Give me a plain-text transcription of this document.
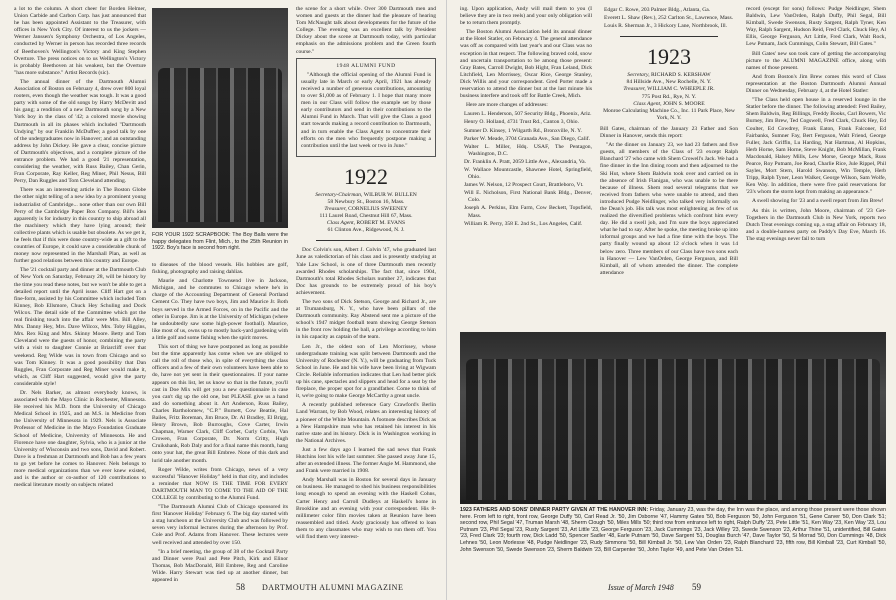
a lot to the column. A short cheer for Borden Helmer, Union Carbide and Carbon Corp. has just announced that he has been appointed Assistant to the Treasurer, with offices in New York City. Of interest to us the jockers — Werner Janssen's Symphony Orchestra, of Los Angeles, conducted by Werner in person has recorded three records of Beethoven's Wellington's Victory and King Stephen Overture. The press notices on to us Wellington's Victory is probably Beethoven at his weakest, but the Overture "has more substance." Artist Records (sic).

The annual dinner of the Dartmouth Alumni Association of Boston on February 4, drew over 800 loyal rooters, even though the weather was tough. It was a good party with some of the old songs by Harry McDevitt and his gang; a rendition of a new Dartmouth song by a New York boy in the class of '42; a colored movie showing Dartmouth in all its phases which included "Dartmouth Undying" by our Franklin McDuffee; a good talk by one of the undergraduates now in Hanover; and an outstanding address by John Dickey. He gave a clear, concise picture of Dartmouth's objectives, and a complete picture of the entrance problem. We had a good '21 representation, considering the weather, with Russ Bailey, Chan Gerin, Fran Corporate, Ray Keller, Reg Miner, Phil Nesus, Bill Perry, Dan Ruggles and Tom Cleveland attending.

There was an interesting article in The Boston Globe the other night telling of a new idea by a prominent young industrialist of Cambridge... none other than our own Bill Perry of the Cambridge Paper Box Company. Bill's idea apparently is for industry in this country to ship abroad all the machinery which they have lying around; their collective plants which is usable but obsolete. As we get it, he feels that if this were done country-wide as a gift to the countries of Europe, it could save a considerable chunk of money now represented in the Marshall Plan, as well as further good relations between this country and Europe.

The '21 cocktail party and dinner at the Dartmouth Club of New York on Saturday, February 28, will be history by the time you read these notes, but we won't be able to get a detailed report until the April issue. Cliff Hart got on a fine-form, assisted by his Committee which included Tom Kinney, Bob Ellsmore, Chuck Hey Schuling and Dock Wilcox. The detail side of the Committee which got the real finishing touch into the affair were Mrs. Bill Alley, Mrs. Danny Hey, Mrs. Dave Wilcox, Mrs. Toby Higgins, Mrs. Rex King and Mrs. Skinny Moore. Betty and Tom Cleveland were the guests of honor, combining the party with a visit to daughter Connie at Briarcliff over that weekend. Reg Wilde was in town from Chicago and so was Tom Kinney. It was a good possibility that Dan Ruggles, Fran Corporate and Reg Miner would make it, which, as Cliff Hart suggested, would give the party considerable style!

Dr. Nels Barker, as almost everybody knows, is associated with the Mayo Clinic in Rochester, Minnesota. He received his M.D. from the University of Chicago Medical School in 1925, and an M.S. in Medicine from the University of Minnesota in 1929. Nels is Associate Professor of Medicine in the Mayo Foundation Graduate School of Medicine, University of Minnesota. He and Florence have one daughter, Sylvia, who is a junior at the University of Wisconsin and two sons, David and Robert. Dave is a freshman at Dartmouth and Bob has a few years to go yet before he comes to Hanover. Nels belongs to more medical organizations than we ever knew existed, and is the author or co-author of 120 contributions to medical literature mostly on subjects related

FOR YOUR 1922 SCRAPBOOK: The Boy Balls were the happy delegates from Flint, Mich., to the 25th Reunion in 1922. Boy's face is second from right.

to diseases of the blood vessels. His hobbies are golf, fishing, photography and raising dahlias.

Maurie and Charlotte Townsend live in Jackson, Michigan, and he commutes to Chicago where he's in charge of the Accounting Department of General Portland Cement Co. They have two boys, Jim and Maurice Jr. Both boys served in the Armed Forces, on in the Pacific and the other in Europe. Jim is at the University of Michigan (where he undoubtedly saw some high-power football). Maurice, like most of us, owns up to mostly back-yard gardening with a little golf and some fishing when the spirit moves.

This sort of thing we have postponed as long as possible but the time apparently has come when we are obliged to call the roll of those who, in spite of everything the class officers and a few of their own volunteers have been able to do, have not yet sent in their questionnaires. If your name appears on this list, let us know so that in the future, you'll cast in Doe Mix will get you a new questionnaire in case you can't dig up the old one, but PLEASE give us a hand and do something about it. Art Anderson, Russ Bailey, Charles Bartholomew, "C.P." Burnett, Cow Beattie, Hal Bailes, Fritz Boreman, Jim Bruce, Dr. Al Bradley, El Brigg, Henry Brown, Bob Burroughs, Cove Carter, Irwin Chapman, Warner Clark, Cliff Corbet, Curly Corbin, Van Crowen, Fran Corporate, Dr. Norm Critty, Hugh Cruikshank, Rob Daly and for a final name this month, hang onto your hat, the great Bill Embree. None of this dark and lurid tale another month.

Roger Wilde, writes from Chicago, news of a very successful "Hanover Holiday" held in that city, and includes a reminder that NOW IS THE TIME FOR EVERY DARTMOUTH MAN TO COME TO THE AID OF THE COLLEGE by contributing to the Alumni Fund.

"The Dartmouth Alumni Club of Chicago sponsored its first 'Hanover Holiday' February 6. The big day started with a stag luncheon at the University Club and was followed by seven very informal lectures during the afternoon by Prof. Cole and Prof. Adams from Hanover. These lectures were well received and attended by over 150.

"In a brief meeting, the group of 38 of the Cocktail Party and Dinner were Paul and Pete Pitch, Kirk and Elinor Thomas, Bob MacDonald, Bill Embree, Reg and Caroline Wilde. Harry Stewart was tied up at another dinner, but appeared in

the scene for a short while. Over 300 Dartmouth men and women and guests at the dinner had the pleasure of hearing Tom McNaught talk about developments for the future of the College. The evening was an excellent talk by President Dickey about the scene at Dartmouth today, with particular emphasis on the admissions problem and the Green fourth course."

1948 ALUMNI FUND

"Although the official opening of the Alumni Fund is usually late in March or early April, 1921 has already received a number of generous contributions, amounting to over $1,000 as of February 1. I hope that many more men in our Class will follow the example set by those early contributors and send in their contributions to the Alumni Fund in March. That will give the Class a good start towards making a record contribution to Dartmouth, and in turn enable the Class Agent to concentrate their efforts on the men who frequently postpone making a contribution until the last week or two in June."

1922
Secretary-Chairman, WILBUR W. BULLEN
58 Newbury St., Boston 16, Mass.
Treasurer, CORNELIUS SWEENEY
111 Laurel Road, Chestnut Hill 67, Mass.
Class Agent, ROBERT M. EVANS
61 Clinton Ave., Ridgewood, N. J.

Doc Colvin's son, Albert J. Colvin '47, who graduated last June as valedictorian of his class and is presently studying at Yale Law School, is one of three Dartmouth men recently awarded Rhodes scholarships. The fact that, since 1904, Dartmouth's total Rhodes Scholars number 27, indicates that Doc has grounds to be extremely proud of his boy's achievement.

The two sons of Dick Stetson, George and Richard Jr., are at Trumansburg, N. Y., who have been pillars of the Dartmouth community. Ray Abstend sent me a picture of the school's 1947 midget football team showing George Stetson in the front row holding the ball, a privilege according to him in his capacity as captain of the team.

Len Jr., the oldest son of Len Morrissey, whose undergraduate training was split between Dartmouth and the University of Rochester (N. Y.), will be graduating from Tuck School in June. He and his wife have been living at Wigwam Circle. Reliable information indicates that Len had better pick up his cane, spectacles and slippers and head for a seat by the fireplace, the proper spot for a grandfather. Come to think of it, we're going to make George McCarthy a great uncle.

A recently published reference Gary Crawford's Berlin Land Warrant, by Bob Wood, relates an interesting history of a pioneer of the White Mountain. A footnote describes Dick as a New Hampshire man who has retained his interest in his native state and its history. Dick is in Washington working in the National Archives.

Just a few days ago I learned the sad news that Frank Hutchins lost his wife last summer. She passed away June 15, after an extended illness. The former Angie M. Hammond, she and Frank were married in 1908.

Andy Marshall was in Boston for several days in January on business. He managed to shed his business responsibilities long enough to spend an evening with the Haskell Cohns, Carter Henry and Carroll Dudleys at Haskell's home in Brookline and an evening with your correspondent. His 8-millimeter color film movies taken at Reunion have been reassembled and titled. Andy graciously has offered to loan them to any classmates who may wish to run them off. You will find them very interest-

58 DARTMOUTH ALUMNI MAGAZINE

ing. Upon application, Andy will mail them to you (I believe they are in two reels) and your only obligation will be to return them promptly.

The Boston Alumni Association held its annual dinner at the Hotel Statler, on February 4. The general attendance was off as compared with last year's and our Class was no exception in that respect. The following braved cold, snow and uncertain transportation to be among those present: Gray Bates, Carroll Dwight, Bob Hight, Fran Leland, Dick Litchfield, Len Morrissey, Oscar Rice, George Stanley, Dick Willis and your correspondent. Gred Porter made a reservation to attend the dinner but at the last minute his business interfere and took off for Battle Creek, Mich.

Here are more changes of addresses:

Lauren L. Henderson, 507 Security Bldg., Phoenix, Ariz.
Henry O. Holland, 4731 Trust Rd., Canton 3, Ohio.
Sumner D. Kinsey, 1 Wilgarth Rd., Bronxville, N. Y.
Parker W. Meade, 3704 Granada Ave., San Diego, Calif.
Walter L. Miller, Hdq. USAF, The Pentagon, Washington, D.C.
Dr. Franklin A. Pratt, 2059 Little Ave., Alexandria, Va.
W. Wallace Mountcastle, Shawnee Hotel, Springfield, Ohio.
James W. Nelson, 12 Prospect Court, Brattleboro, Vt.
Will E. Nicholson, First National Bank Bldg., Denver, Colo.
Joseph A. Perkins, Elm Farm, Cow Beckett, Topsfield, Mass.
William R. Perry, 358 E. 2nd St., Los Angeles, Calif.
Edgar C. Rowe, 203 Palmer Bldg., Atlanta, Ga.
Everett L. Shaw (Rev.), 252 Carlton St., Lawrence, Mass.
Louis R. Sherman Jr., 3 Hickory Lane, Northbrook, Ill.
1923
Secretary, RICHARD S. KERSHAW
84 Hillside Ave., New Rochelle, N. Y.
Treasurer, WILLIAM C. WHEEPLE JR.
775 Post Rd., Rye, N. Y.
Class Agent, JOHN S. MOORE
Monroe Calculating Machine Co., Inc. 11 Park Place, New York, N. Y.

Bill Gates, chairman of the January 23 Father and Son Dinner in Hanover, sends this report:

"At the dinner on January 23, we had 23 fathers and five guests, all members of the Class of '23 except Ralph Blanchard '27 who came with Shem Crowell's Jack. We had a fine dinner in the Inn dining room and then adjourned to the Ski Hut, where Shem Baldwin took over and carried on in the absence of Irish Flanigan, who was unable to be there because of illness. Shem read several telegrams that we received from fathers who were unable to attend, and then introduced Pudge Neidlinger, who talked very informally on the Dean's job. His talk was most enlightening as few of us realized the diversified problems which confront him every day. He did a swell job, and I'm sure the boys appreciated what he had to say. After he spoke, the meeting broke up into informal groups and we had a fine time with the boys. The party finally wound up about 12 o'clock when it was 14 below zero. Three members of our Class have two sons each in Hanover — Lew VanOrden, George Ferguson, and Bill Kimball, all of whom attended the dinner. The complete attendance

record (except for sons) follows: Pudge Neidlinger, Shem Baldwin, Lew VanOrden, Ralph Duffy, Phil Segal, Bill Kimball, Swede Swenson, Rusty Sargent, Ralph Tyner, Ken Way, Ralph Sargent, Hudson Reid, Fred Clark, Chuck Hey, Al Ellis, George Ferguson, Art Little, Fred Clark, Walt Rock, Lew Putnam, Jack Cummings, Colin Stewart, Bill Gates."

Bill Gates' new son took care of getting the accompanying picture to the ALUMNI MAGAZINE office, along with names of those present.

And from Boston's Jim Brew comes this word of Class representation at the Boston Dartmouth Alumni Annual Dinner on Wednesday, February 4, at the Hotel Statler:

"The Class held open house in a reserved lounge in the Statler before the dinner. The following attended: Fred Bailey, Shem Baldwin, Reg Billings, Freddy Books, Carl Bowers, Vic Burney, Jim Brew, Ted Cogswell, Fred Clark, Chuck Hey, Ed Coulter, Ed Cowdrey, Frank Eaton, Frank Falconer, Ed Fairbanks, Sumner Fay, Bert Ferguson, Walt Friend, George Fuller, Jack Griffin, Lu Harding, Nat Hartman, Al Hopkins, Herb Horne, Sam Horne, Steve Knight, Bob McMillan, Frank Macdonald, Halsey Mills, Lew Morse, George Mack, Russ Pearce, Roy Putnam, Joe Read, Charlie Rice, Jule Rippel, Phil Sayles, Mort Stern, Harold Swanson, Win Temple, Herb Tripp, Ralph Tyner, Leon Walker, George Wilson, Sam Wolfe, Ken Way. In addition, there were five paid reservations for '23's whom the storm kept from making an appearance."

A swell showing for '23 and a swell report from Jim Brew!

As this is written, John Moore, chairman of '23 Get-Togethers in the Dartmouth Club in New York, reports two Dutch Treat evenings coming up, a stag affair on February 18, and a double-harness party on Paddy's Day Eve, March 16. The stag evenings never fail to turn

1923 FATHERS AND SONS' DINNER PARTY GIVEN AT THE HANOVER INN: Friday, January 23, was the day, the Inn was the place, and among those present were those shown here. From left to right, front row, George Duffy '50, Carl Read Jr. '50, Jim Osborne '47, Hammy Gates '50, Bob Ferguson '50, John Ferguson '51, Gene Carver '50, Don Clark '51; second row, Phil Segal '47, Truman Marsh '48, Sherm Clough '50, Miles Mills '50; third row from entrance left to right, Ralph Duffy '23, Pete Little '51, Ken Way '23, Ken Way '23, Lou Putnam '23, Phil Segal '23, Rusty Sargent '23, Art Little '23, George Ferguson '23, Jack Cummings '23, Jack Willey '23, Swede Swenson '23, Arthur Thine '51, unidentified, Bill Gates '23, Fred Clark '23; fourth row, Dick Ladd '50, Spencer Sadler '48, Earle Putnam '50, Dave Sargent '51, Douglas Burch '47, Dave Taylor '50, Si Morrad '50, Don Cummings '48, Dick Lehnes '50, Leon Morlesse '48, Pudge Neidlinger '23, Rudy Simmons '50, Bill Kimball Jr. '50, Lew Van Orden '23, Ralph Blanchard '23, fifth row, Bill Kimball '23, Curt Kimball '50, John Swenson '50, Swede Swenson '23, Sherm Baldwin '23, Bill Carpenter '50, John Taylor '49, and Pete Van Orden '51.
Issue of March 1948 59
